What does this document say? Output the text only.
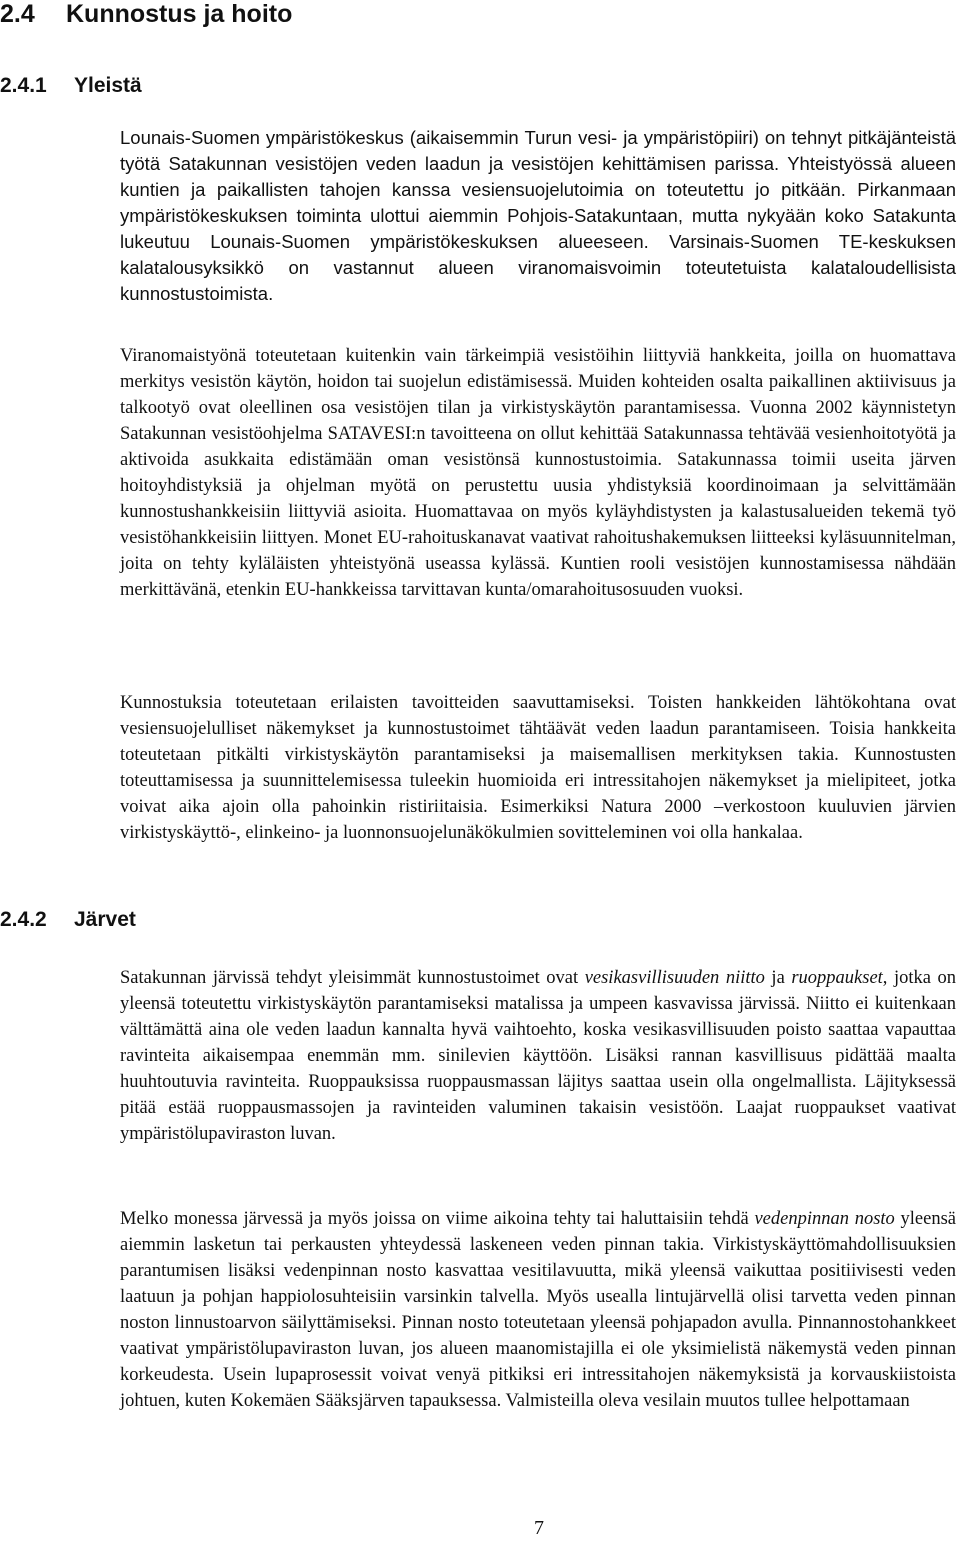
2.4 Kunnostus ja hoito
2.4.1 Yleistä

Lounais-Suomen ympäristökeskus (aikaisemmin Turun vesi- ja ympäristöpiiri) on tehnyt pitkäjänteistä työtä Satakunnan vesistöjen veden laadun ja vesistöjen kehittämisen parissa. Yhteistyössä alueen kuntien ja paikallisten tahojen kanssa vesiensuojelutoimia on toteutettu jo pitkään. Pirkanmaan ympäristökeskuksen toiminta ulottui aiemmin Pohjois-Satakuntaan, mutta nykyään koko Satakunta lukeutuu Lounais-Suomen ympäristökeskuksen alueeseen. Varsinais-Suomen TE-keskuksen kalatalousyksikkö on vastannut alueen viranomaisvoimin toteutetuista kalataloudellisista kunnostustoimista.

Viranomaistyönä toteutetaan kuitenkin vain tärkeimpiä vesistöihin liittyviä hankkeita, joilla on huomattava merkitys vesistön käytön, hoidon tai suojelun edistämisessä. Muiden kohteiden osalta paikallinen aktiivisuus ja talkootyö ovat oleellinen osa vesistöjen tilan ja virkistyskäytön parantamisessa. Vuonna 2002 käynnistetyn Satakunnan vesistöohjelma SATAVESI:n tavoitteena on ollut kehittää Satakunnassa tehtävää vesienhoitotyötä ja aktivoida asukkaita edistämään oman vesistönsä kunnostustoimia. Satakunnassa toimii useita järven hoitoyhdistyksiä ja ohjelman myötä on perustettu uusia yhdistyksiä koordinoimaan ja selvittämään kunnostushankkeisiin liittyviä asioita. Huomattavaa on myös kyläyhdistysten ja kalastusalueiden tekemä työ vesistöhankkeisiin liittyen. Monet EU-rahoituskanavat vaativat rahoitushakemuksen liitteeksi kyläsuunnitelman, joita on tehty kyläläisten yhteistyönä useassa kylässä. Kuntien rooli vesistöjen kunnostamisessa nähdään merkittävänä, etenkin EU-hankkeissa tarvittavan kunta/omarahoitusosuuden vuoksi.

Kunnostuksia toteutetaan erilaisten tavoitteiden saavuttamiseksi. Toisten hankkeiden lähtökohtana ovat vesiensuojelulliset näkemykset ja kunnostustoimet tähtäävät veden laadun parantamiseen. Toisia hankkeita toteutetaan pitkälti virkistyskäytön parantamiseksi ja maisemallisen merkityksen takia. Kunnostusten toteuttamisessa ja suunnittelemisessa tuleekin huomioida eri intressitahojen näkemykset ja mielipiteet, jotka voivat aika ajoin olla pahoinkin ristiriitaisia. Esimerkiksi Natura 2000 –verkostoon kuuluvien järvien virkistyskäyttö-, elinkeino- ja luonnonsuojelunäkökulmien sovitteleminen voi olla hankalaa.

2.4.2 Järvet

Satakunnan järvissä tehdyt yleisimmät kunnostustoimet ovat vesikasvillisuuden niitto ja ruoppaukset, jotka on yleensä toteutettu virkistyskäytön parantamiseksi matalissa ja umpeen kasvavissa järvissä. Niitto ei kuitenkaan välttämättä aina ole veden laadun kannalta hyvä vaihtoehto, koska vesikasvillisuuden poisto saattaa vapauttaa ravinteita aikaisempaa enemmän mm. sinilevien käyttöön. Lisäksi rannan kasvillisuus pidättää maalta huuhtoutuvia ravinteita. Ruoppauksissa ruoppausmassan läjitys saattaa usein olla ongelmallista. Läjityksessä pitää estää ruoppausmassojen ja ravinteiden valuminen takaisin vesistöön. Laajat ruoppaukset vaativat ympäristölupaviraston luvan.

Melko monessa järvessä ja myös joissa on viime aikoina tehty tai haluttaisiin tehdä vedenpinnan nosto yleensä aiemmin lasketun tai perkausten yhteydessä laskeneen veden pinnan takia. Virkistyskäyttömahdollisuuksien parantumisen lisäksi vedenpinnan nosto kasvattaa vesitilavuutta, mikä yleensä vaikuttaa positiivisesti veden laatuun ja pohjan happiolosuhteisiin varsinkin talvella. Myös usealla lintujärvellä olisi tarvetta veden pinnan noston linnustoarvon säilyttämiseksi. Pinnan nosto toteutetaan yleensä pohjapadon avulla. Pinnannostohankkeet vaativat ympäristölupaviraston luvan, jos alueen maanomistajilla ei ole yksimielistä näkemystä veden pinnan korkeudesta. Usein lupaprosessit voivat venyä pitkiksi eri intressitahojen näkemyksistä ja korvauskiistoista johtuen, kuten Kokemäen Sääksjärven tapauksessa. Valmisteilla oleva vesilain muutos tullee helpottamaan

7
